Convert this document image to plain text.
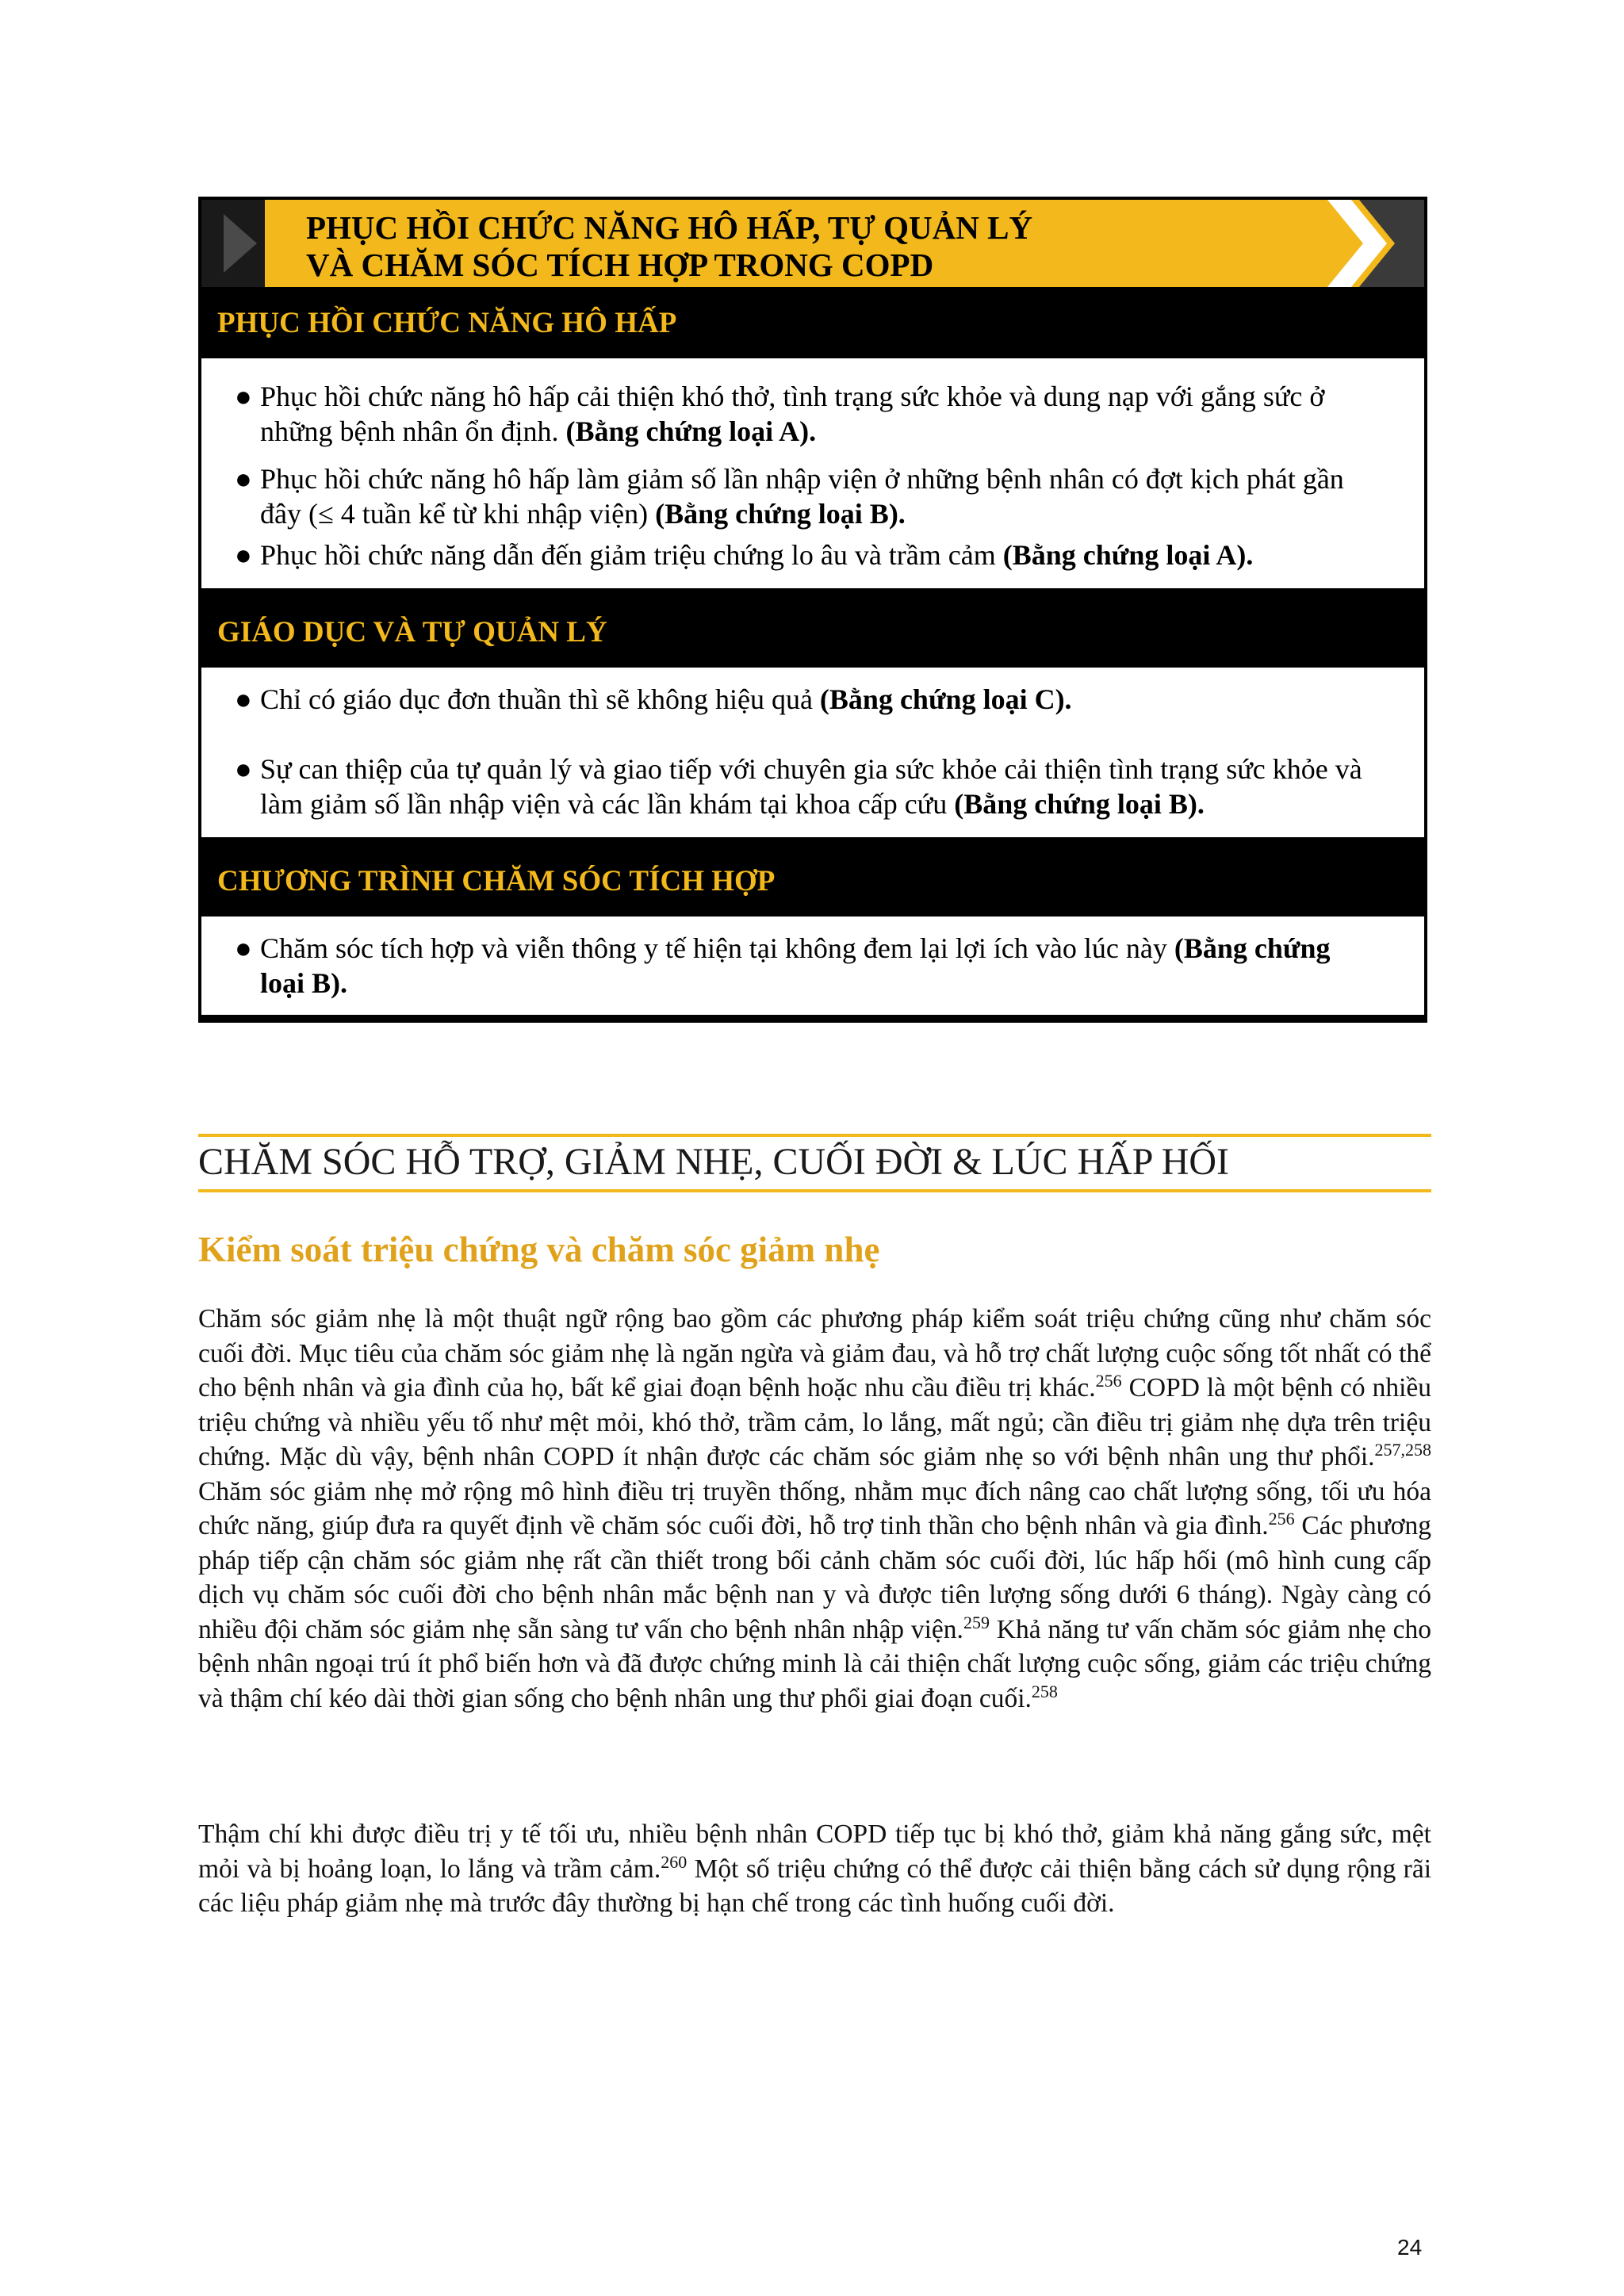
PHỤC HỒI CHỨC NĂNG HÔ HẤP, TỰ QUẢN LÝ
VÀ CHĂM SÓC TÍCH HỢP TRONG COPD
PHỤC HỒI CHỨC NĂNG HÔ HẤP
● Phục hồi chức năng hô hấp cải thiện khó thở, tình trạng sức khỏe và dung nạp với gắng sức ở những bệnh nhân ổn định. (Bằng chứng loại A).
● Phục hồi chức năng hô hấp làm giảm số lần nhập viện ở những bệnh nhân có đợt kịch phát gần đây (≤ 4 tuần kể từ khi nhập viện) (Bằng chứng loại B).
● Phục hồi chức năng dẫn đến giảm triệu chứng lo âu và trầm cảm (Bằng chứng loại A).
GIÁO DỤC VÀ TỰ QUẢN LÝ
● Chỉ có giáo dục đơn thuần thì sẽ không hiệu quả (Bằng chứng loại C).
● Sự can thiệp của tự quản lý và giao tiếp với chuyên gia sức khỏe cải thiện tình trạng sức khỏe và làm giảm số lần nhập viện và các lần khám tại khoa cấp cứu (Bằng chứng loại B).
CHƯƠNG TRÌNH CHĂM SÓC TÍCH HỢP
● Chăm sóc tích hợp và viễn thông y tế hiện tại không đem lại lợi ích vào lúc này (Bằng chứng loại B).
CHĂM SÓC HỖ TRỢ, GIẢM NHẸ, CUỐI ĐỜI & LÚC HẤP HỐI
Kiểm soát triệu chứng và chăm sóc giảm nhẹ
Chăm sóc giảm nhẹ là một thuật ngữ rộng bao gồm các phương pháp kiểm soát triệu chứng cũng như chăm sóc cuối đời. Mục tiêu của chăm sóc giảm nhẹ là ngăn ngừa và giảm đau, và hỗ trợ chất lượng cuộc sống tốt nhất có thể cho bệnh nhân và gia đình của họ, bất kể giai đoạn bệnh hoặc nhu cầu điều trị khác.$^{256}$ COPD là một bệnh có nhiều triệu chứng và nhiều yếu tố như mệt mỏi, khó thở, trầm cảm, lo lắng, mất ngủ; cần điều trị giảm nhẹ dựa trên triệu chứng. Mặc dù vậy, bệnh nhân COPD ít nhận được các chăm sóc giảm nhẹ so với bệnh nhân ung thư phổi.$^{257,258}$ Chăm sóc giảm nhẹ mở rộng mô hình điều trị truyền thống, nhằm mục đích nâng cao chất lượng sống, tối ưu hóa chức năng, giúp đưa ra quyết định về chăm sóc cuối đời, hỗ trợ tinh thần cho bệnh nhân và gia đình.$^{256}$ Các phương pháp tiếp cận chăm sóc giảm nhẹ rất cần thiết trong bối cảnh chăm sóc cuối đời, lúc hấp hối (mô hình cung cấp dịch vụ chăm sóc cuối đời cho bệnh nhân mắc bệnh nan y và được tiên lượng sống dưới 6 tháng). Ngày càng có nhiều đội chăm sóc giảm nhẹ sẵn sàng tư vấn cho bệnh nhân nhập viện.$^{259}$ Khả năng tư vấn chăm sóc giảm nhẹ cho bệnh nhân ngoại trú ít phổ biến hơn và đã được chứng minh là cải thiện chất lượng cuộc sống, giảm các triệu chứng và thậm chí kéo dài thời gian sống cho bệnh nhân ung thư phổi giai đoạn cuối.$^{258}$
Thậm chí khi được điều trị y tế tối ưu, nhiều bệnh nhân COPD tiếp tục bị khó thở, giảm khả năng gắng sức, mệt mỏi và bị hoảng loạn, lo lắng và trầm cảm.$^{260}$ Một số triệu chứng có thể được cải thiện bằng cách sử dụng rộng rãi các liệu pháp giảm nhẹ mà trước đây thường bị hạn chế trong các tình huống cuối đời.
24
